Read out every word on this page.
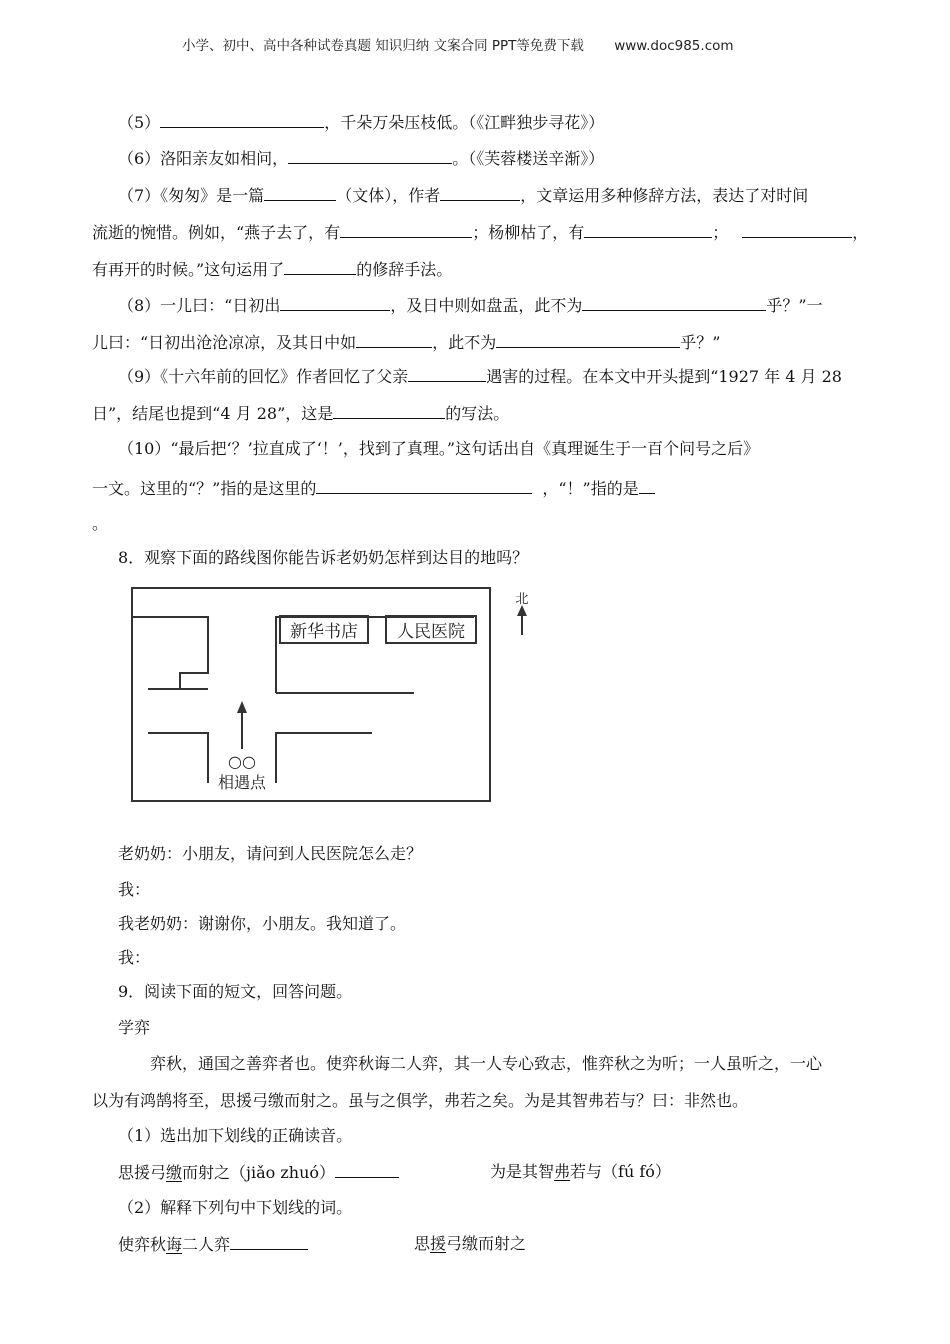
小学、初中、高中各种试卷真题 知识归纳 文案合同 PPT等免费下载 www.doc985.com
（5）	，千朵万朵压枝低。（《江畔独步寻花》）
（6）洛阳亲友如相问，	。（《芙蓉楼送辛渐》）
（7）《匆匆》是一篇	（文体），作者	，文章运用多种修辞方法，表达了对时间
流逝的惋惜。例如，“燕子去了，有	；杨柳枯了，有	；	，
有再开的时候。”这句运用了	的修辞手法。
（8）一儿曰：“日初出	，及日中则如盘盂，此不为	乎？”一
儿曰：“日初出沧沧凉凉，及其日中如	，此不为	乎？”
（9）《十六年前的回忆》作者回忆了父亲	遇害的过程。在本文中开头提到“1927 年 4 月 28
日”，结尾也提到“4 月 28”，这是	的写法。
（10）“最后把‘？’拉直成了‘！’，找到了真理。”这句话出自《真理诞生于一百个问号之后》
一文。这里的“？”指的是这里的	，“！”指的是
。
8．观察下面的路线图你能告诉老奶奶怎样到达目的地吗？
新华书店 人民医院
北
○○
相遇点
老奶奶：小朋友，请问到人民医院怎么走？
我：
我老奶奶：谢谢你，小朋友。我知道了。
我：
9．阅读下面的短文，回答问题。
学弈
弈秋，通国之善弈者也。使弈秋诲二人弈，其一人专心致志，惟弈秋之为听；一人虽听之，一心
以为有鸿鹄将至，思援弓缴而射之。虽与之俱学，弗若之矣。为是其智弗若与？曰：非然也。
（1）选出加下划线的正确读音。
思援弓缴而射之（jiǎo zhuó）	为是其智弗若与（fú fó）
（2）解释下列句中下划线的词。
使弈秋诲二人弈	思援弓缴而射之
